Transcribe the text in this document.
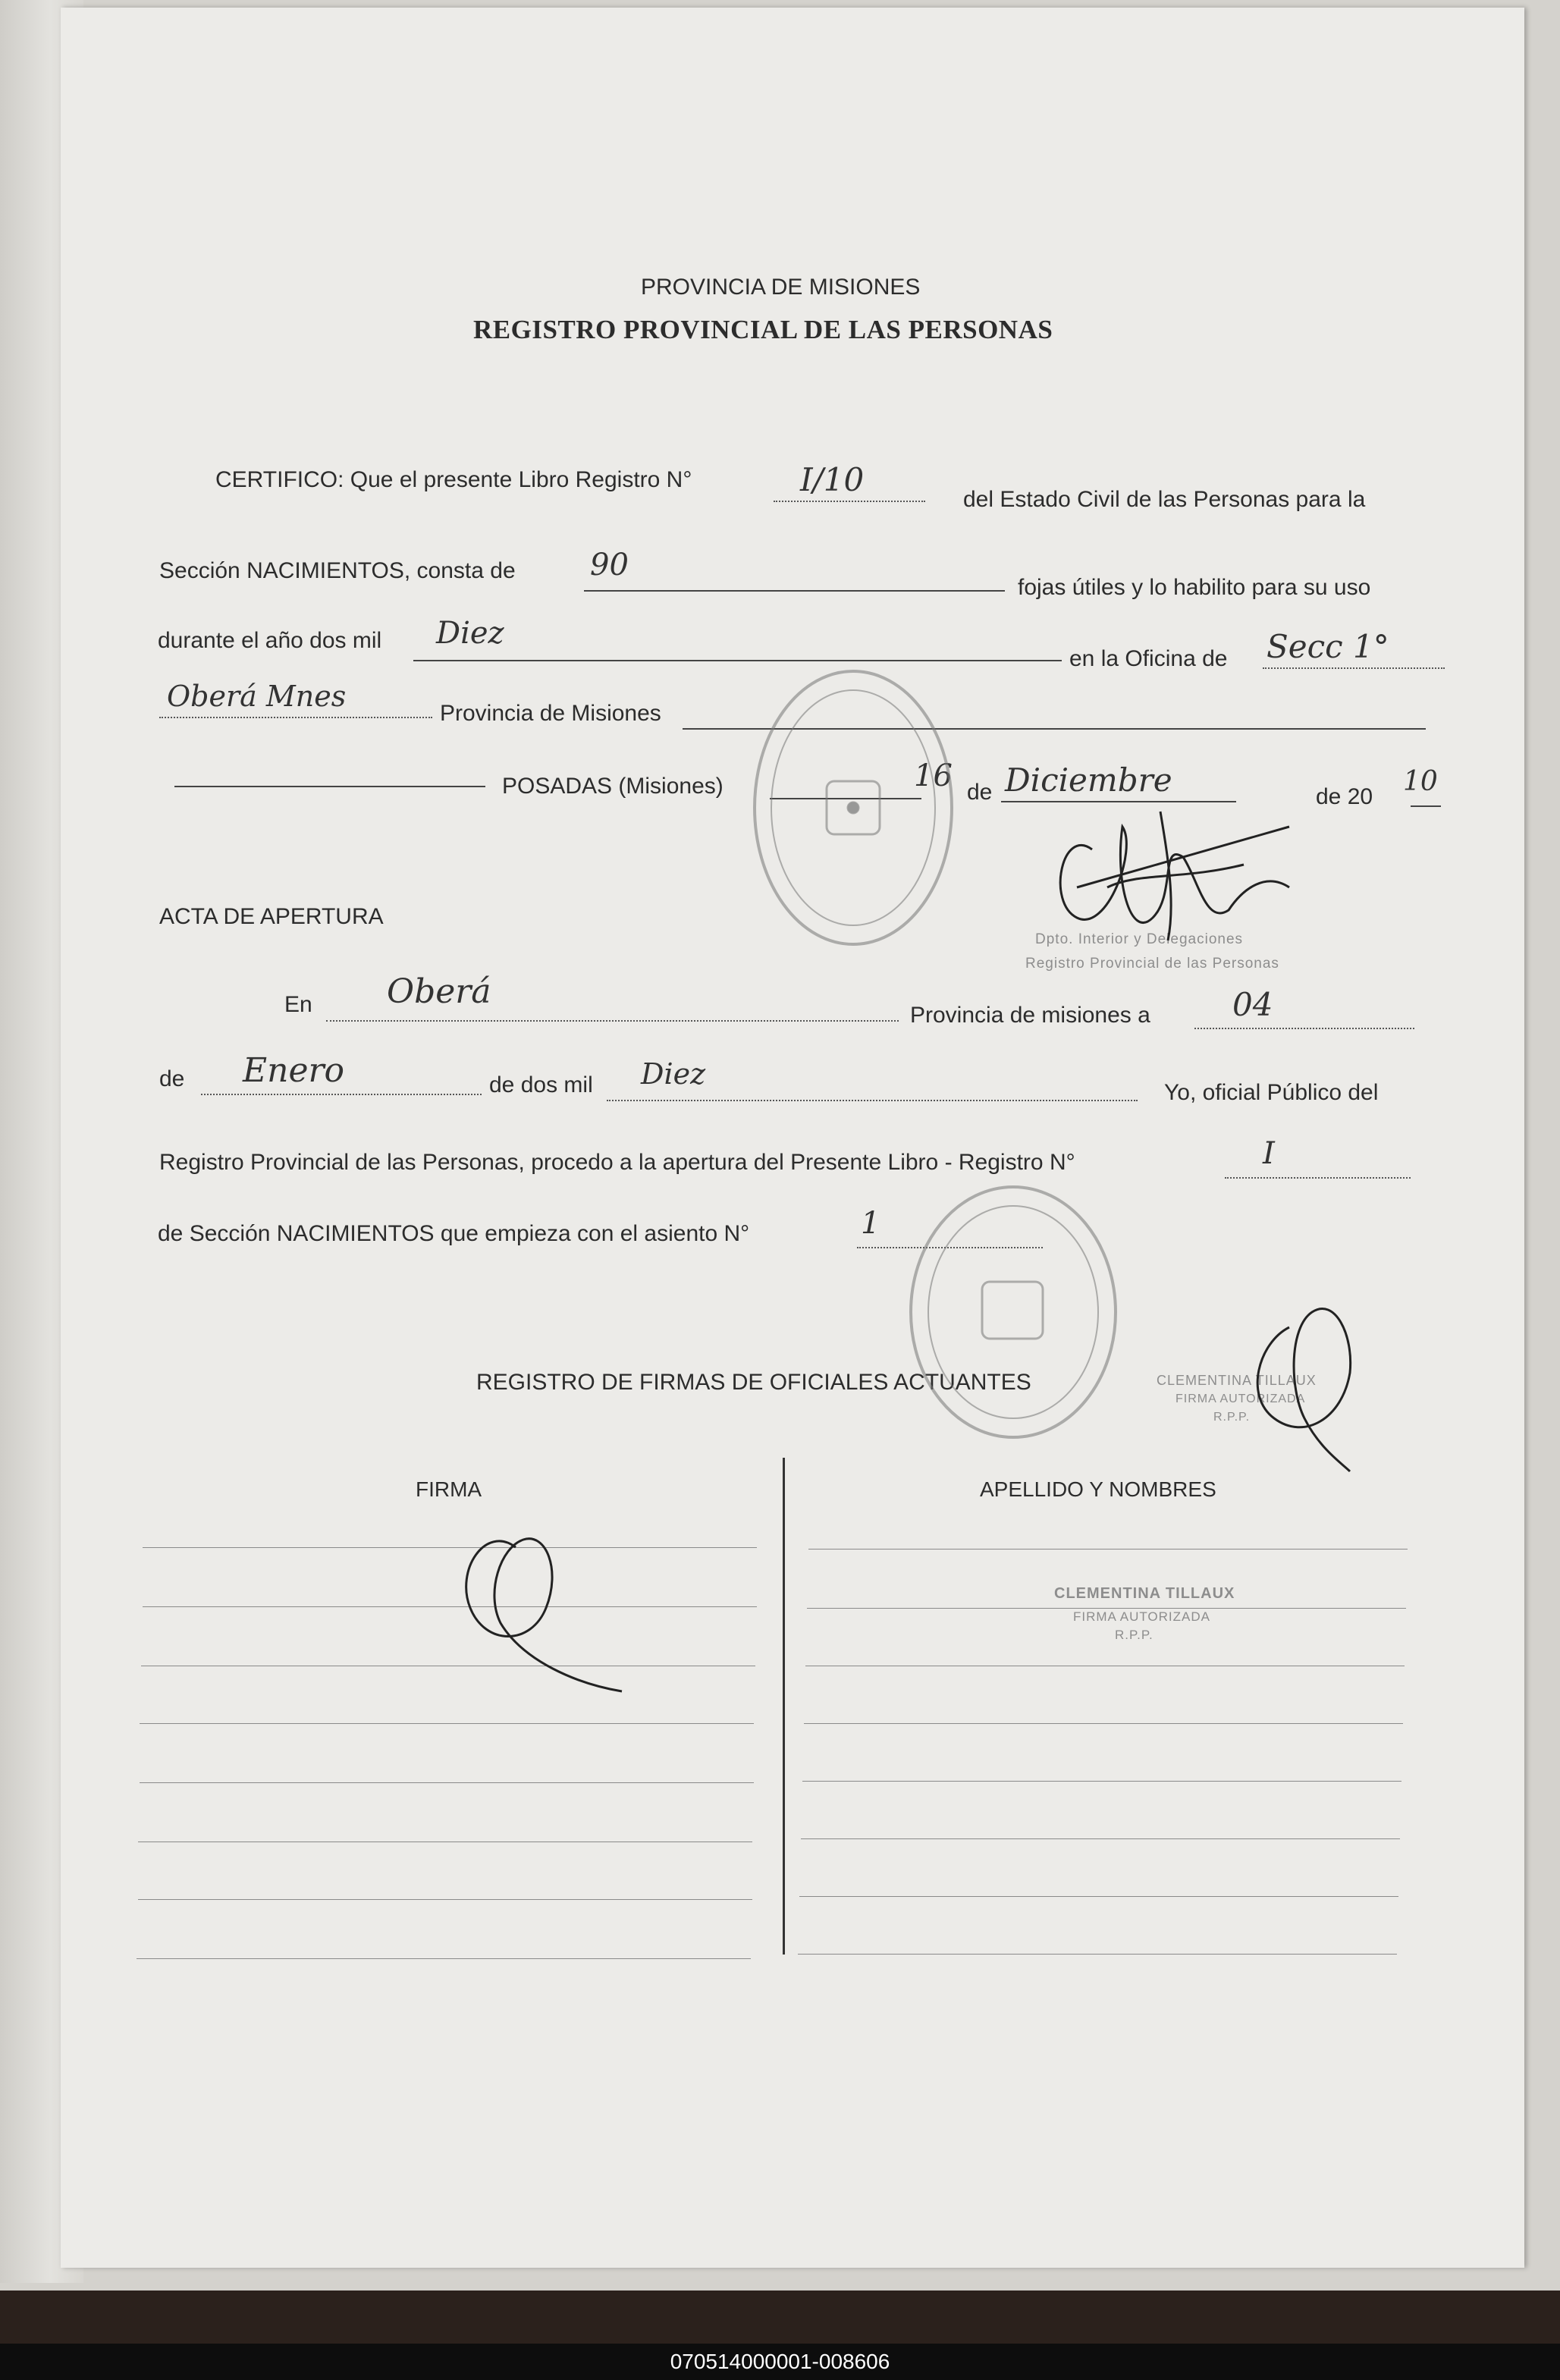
PROVINCIA DE MISIONES
REGISTRO PROVINCIAL DE LAS PERSONAS
CERTIFICO: Que el presente Libro Registro N°	I/10
del Estado Civil de las Personas para la
Sección NACIMIENTOS, consta de 90
fojas útiles y lo habilito para su uso
durante el año dos mil Diez
en la Oficina de Secc 1°
Oberá Mnes
Provincia de Misiones
POSADAS (Misiones)	16 de Diciembre	de 20 10
ACTA DE APERTURA
En Oberá
Provincia de misiones a	04
de Enero	de dos mil Diez
Yo, oficial Público del
Registro Provincial de las Personas, procedo a la apertura del Presente Libro - Registro N°	I
de Sección NACIMIENTOS que empieza con el asiento N°	1
REGISTRO DE FIRMAS DE OFICIALES ACTUANTES
FIRMA	APELLIDO Y NOMBRES
CLEMENTINA TILLAUX
FIRMA AUTORIZADA
R.P.P.
Dpto. Interior y Delegaciones
Registro Provincial de las Personas
CLEMENTINA TILLAUX
FIRMA AUTORIZADA
R.P.P.
070514000001-008606
